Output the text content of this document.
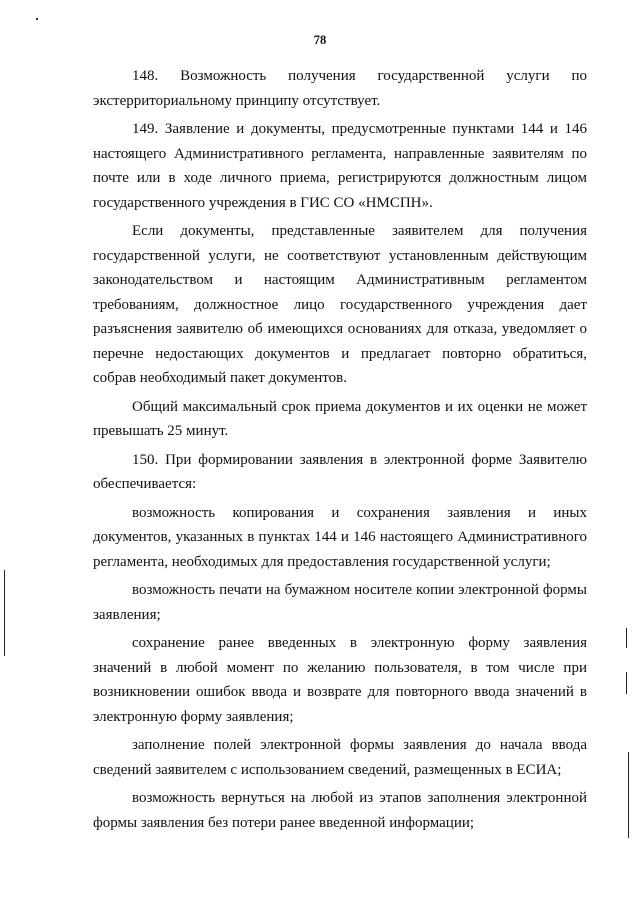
78

148. Возможность получения государственной услуги по экстерриториальному принципу отсутствует.

149. Заявление и документы, предусмотренные пунктами 144 и 146 настоящего Административного регламента, направленные заявителям по почте или в ходе личного приема, регистрируются должностным лицом государственного учреждения в ГИС СО «НМСПН».

Если документы, представленные заявителем для получения государственной услуги, не соответствуют установленным действующим законодательством и настоящим Административным регламентом требованиям, должностное лицо государственного учреждения дает разъяснения заявителю об имеющихся основаниях для отказа, уведомляет о перечне недостающих документов и предлагает повторно обратиться, собрав необходимый пакет документов.

Общий максимальный срок приема документов и их оценки не может превышать 25 минут.

150. При формировании заявления в электронной форме Заявителю обеспечивается:

возможность копирования и сохранения заявления и иных документов, указанных в пунктах 144 и 146 настоящего Административного регламента, необходимых для предоставления государственной услуги;

возможность печати на бумажном носителе копии электронной формы заявления;

сохранение ранее введенных в электронную форму заявления значений в любой момент по желанию пользователя, в том числе при возникновении ошибок ввода и возврате для повторного ввода значений в электронную форму заявления;

заполнение полей электронной формы заявления до начала ввода сведений заявителем с использованием сведений, размещенных в ЕСИА;

возможность вернуться на любой из этапов заполнения электронной формы заявления без потери ранее введенной информации;
